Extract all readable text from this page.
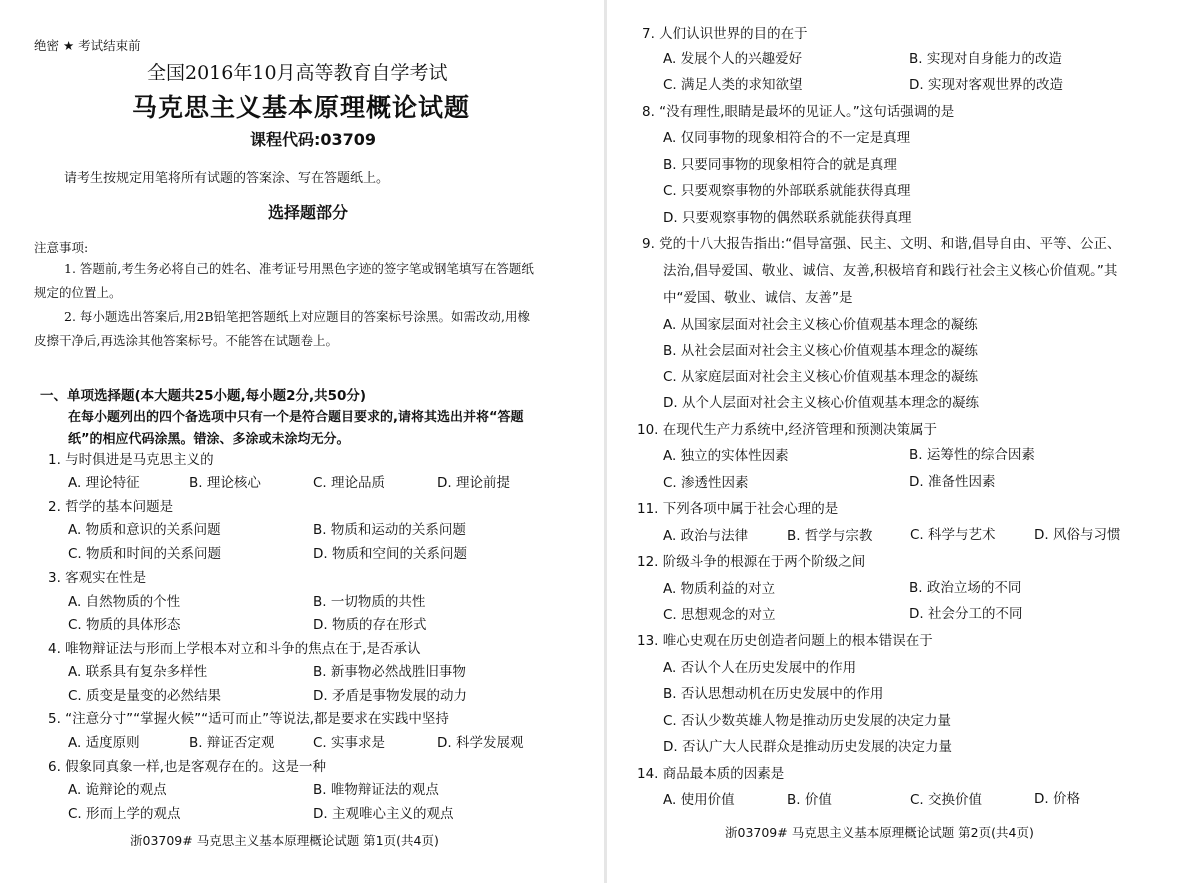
绝密 ★ 考试结束前
全国2016年10月高等教育自学考试
马克思主义基本原理概论试题
课程代码:03709
请考生按规定用笔将所有试题的答案涂、写在答题纸上。
选择题部分
注意事项:
1. 答题前,考生务必将自己的姓名、准考证号用黑色字迹的签字笔或钢笔填写在答题纸
规定的位置上。
2. 每小题选出答案后,用2B铅笔把答题纸上对应题目的答案标号涂黑。如需改动,用橡
皮擦干净后,再选涂其他答案标号。不能答在试题卷上。
一、单项选择题(本大题共25小题,每小题2分,共50分)
在每小题列出的四个备选项中只有一个是符合题目要求的,请将其选出并将“答题
纸”的相应代码涂黑。错涂、多涂或未涂均无分。
1. 与时俱进是马克思主义的
A. 理论特征	B. 理论核心	C. 理论品质	D. 理论前提
2. 哲学的基本问题是
A. 物质和意识的关系问题	B. 物质和运动的关系问题
C. 物质和时间的关系问题	D. 物质和空间的关系问题
3. 客观实在性是
A. 自然物质的个性	B. 一切物质的共性
C. 物质的具体形态	D. 物质的存在形式
4. 唯物辩证法与形而上学根本对立和斗争的焦点在于,是否承认
A. 联系具有复杂多样性	B. 新事物必然战胜旧事物
C. 质变是量变的必然结果	D. 矛盾是事物发展的动力
5. “注意分寸”“掌握火候”“适可而止”等说法,都是要求在实践中坚持
A. 适度原则	B. 辩证否定观	C. 实事求是	D. 科学发展观
6. 假象同真象一样,也是客观存在的。这是一种
A. 诡辩论的观点	B. 唯物辩证法的观点
C. 形而上学的观点	D. 主观唯心主义的观点
浙03709# 马克思主义基本原理概论试题 第1页(共4页)
7. 人们认识世界的目的在于
A. 发展个人的兴趣爱好	B. 实现对自身能力的改造
C. 满足人类的求知欲望	D. 实现对客观世界的改造
8. “没有理性,眼睛是最坏的见证人。”这句话强调的是
A. 仅同事物的现象相符合的不一定是真理
B. 只要同事物的现象相符合的就是真理
C. 只要观察事物的外部联系就能获得真理
D. 只要观察事物的偶然联系就能获得真理
9. 党的十八大报告指出:“倡导富强、民主、文明、和谐,倡导自由、平等、公正、
法治,倡导爱国、敬业、诚信、友善,积极培育和践行社会主义核心价值观。”其
中“爱国、敬业、诚信、友善”是
A. 从国家层面对社会主义核心价值观基本理念的凝练
B. 从社会层面对社会主义核心价值观基本理念的凝练
C. 从家庭层面对社会主义核心价值观基本理念的凝练
D. 从个人层面对社会主义核心价值观基本理念的凝练
10. 在现代生产力系统中,经济管理和预测决策属于
A. 独立的实体性因素	B. 运筹性的综合因素
C. 渗透性因素	D. 准备性因素
11. 下列各项中属于社会心理的是
A. 政治与法律	B. 哲学与宗教	C. 科学与艺术	D. 风俗与习惯
12. 阶级斗争的根源在于两个阶级之间
A. 物质利益的对立	B. 政治立场的不同
C. 思想观念的对立	D. 社会分工的不同
13. 唯心史观在历史创造者问题上的根本错误在于
A. 否认个人在历史发展中的作用
B. 否认思想动机在历史发展中的作用
C. 否认少数英雄人物是推动历史发展的决定力量
D. 否认广大人民群众是推动历史发展的决定力量
14. 商品最本质的因素是
A. 使用价值	B. 价值	C. 交换价值	D. 价格
浙03709# 马克思主义基本原理概论试题 第2页(共4页)
